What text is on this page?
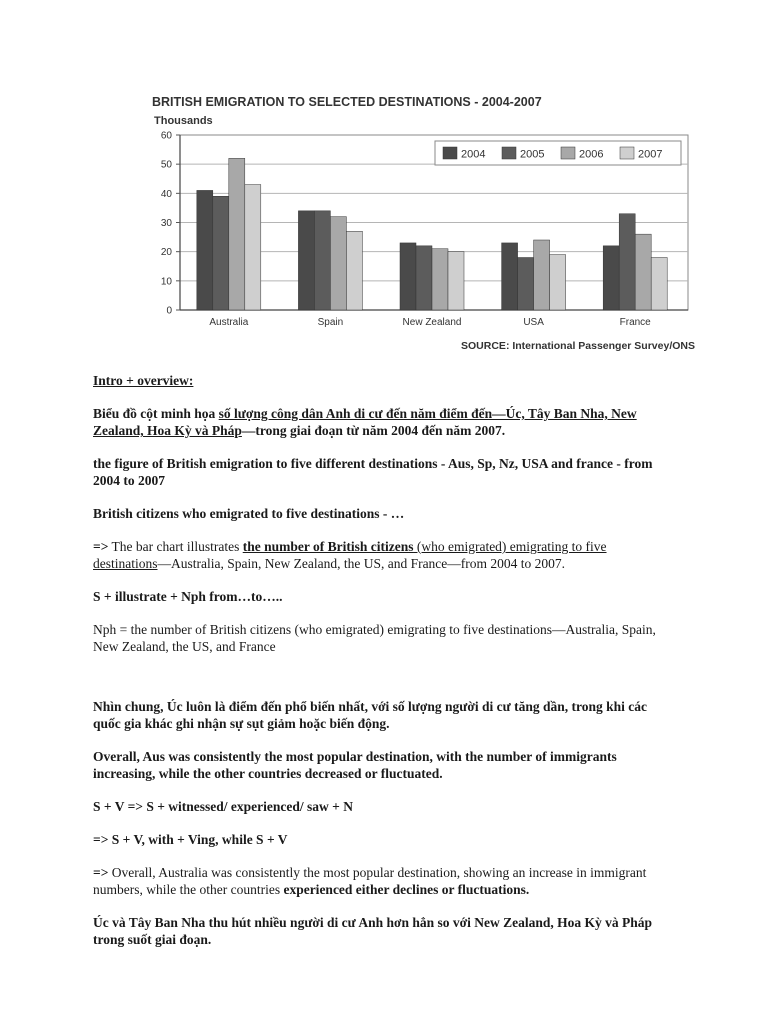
BRITISH EMIGRATION TO SELECTED DESTINATIONS - 2004-2007
Thousands
0
10
20
30
40
50
60
Australia	Spain	New Zealand	USA	France
2004	2005	2006	2007
SOURCE: International Passenger Survey/ONS

Intro + overview:

Biểu đồ cột minh họa số lượng công dân Anh di cư đến năm điểm đến—Úc, Tây Ban Nha, New Zealand, Hoa Kỳ và Pháp—trong giai đoạn từ năm 2004 đến năm 2007.

the figure of British emigration to five different destinations - Aus, Sp, Nz, USA and france - from 2004 to 2007

British citizens who emigrated to five destinations - …

=> The bar chart illustrates the number of British citizens (who emigrated) emigrating to five destinations—Australia, Spain, New Zealand, the US, and France—from 2004 to 2007.

S + illustrate + Nph from…to…..

Nph = the number of British citizens (who emigrated) emigrating to five destinations—Australia, Spain, New Zealand, the US, and France

Nhìn chung, Úc luôn là điểm đến phổ biến nhất, với số lượng người di cư tăng dần, trong khi các quốc gia khác ghi nhận sự sụt giảm hoặc biến động.

Overall, Aus was consistently the most popular destination, with the number of immigrants increasing, while the other countries decreased or fluctuated.

S + V => S + witnessed/ experienced/ saw + N

=> S + V, with + Ving, while S + V

=> Overall, Australia was consistently the most popular destination, showing an increase in immigrant numbers, while the other countries experienced either declines or fluctuations.

Úc và Tây Ban Nha thu hút nhiều người di cư Anh hơn hẳn so với New Zealand, Hoa Kỳ và Pháp trong suốt giai đoạn.
